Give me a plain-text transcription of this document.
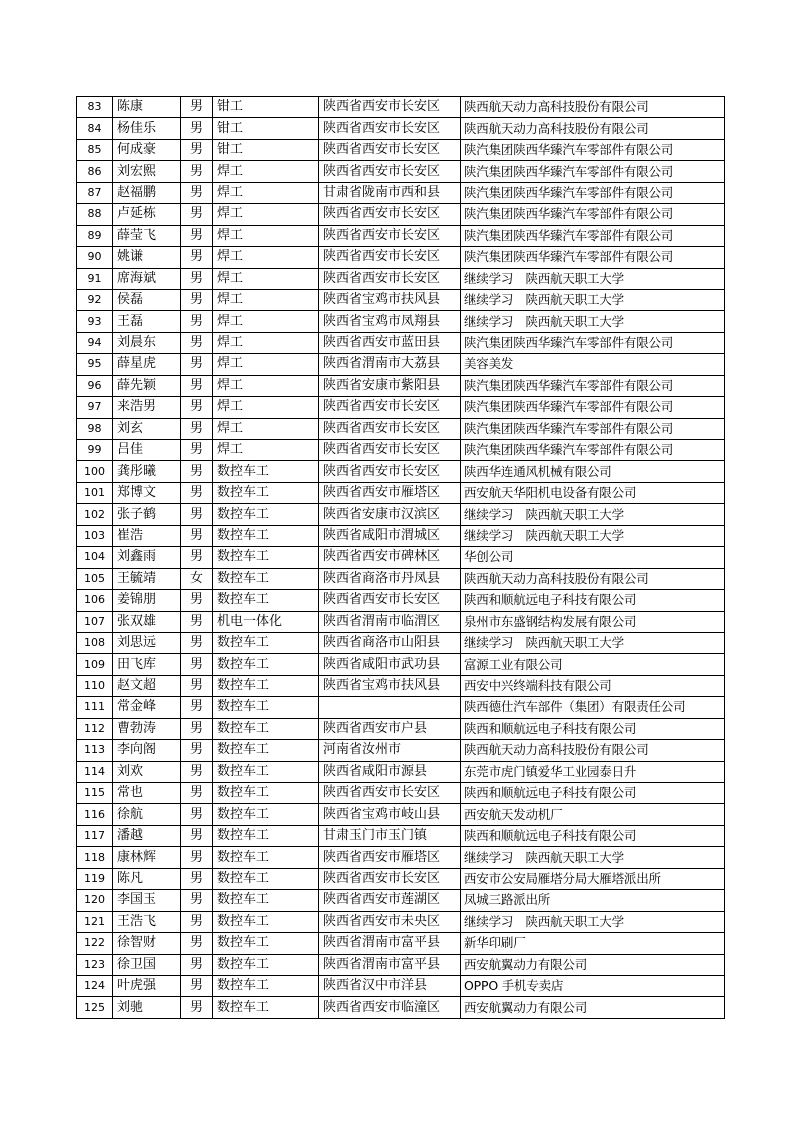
83	陈康	男	钳工	陕西省西安市长安区	陕西航天动力高科技股份有限公司
84	杨佳乐	男	钳工	陕西省西安市长安区	陕西航天动力高科技股份有限公司
85	何成豪	男	钳工	陕西省西安市长安区	陕汽集团陕西华臻汽车零部件有限公司
86	刘宏熙	男	焊工	陕西省西安市长安区	陕汽集团陕西华臻汽车零部件有限公司
87	赵福鹏	男	焊工	甘肃省陇南市西和县	陕汽集团陕西华臻汽车零部件有限公司
88	卢延栋	男	焊工	陕西省西安市长安区	陕汽集团陕西华臻汽车零部件有限公司
89	薛莹飞	男	焊工	陕西省西安市长安区	陕汽集团陕西华臻汽车零部件有限公司
90	姚谦	男	焊工	陕西省西安市长安区	陕汽集团陕西华臻汽车零部件有限公司
91	席海斌	男	焊工	陕西省西安市长安区	继续学习　陕西航天职工大学
92	侯磊	男	焊工	陕西省宝鸡市扶风县	继续学习　陕西航天职工大学
93	王磊	男	焊工	陕西省宝鸡市凤翔县	继续学习　陕西航天职工大学
94	刘晨东	男	焊工	陕西省西安市蓝田县	陕汽集团陕西华臻汽车零部件有限公司
95	薛星虎	男	焊工	陕西省渭南市大荔县	美容美发
96	薛先颖	男	焊工	陕西省安康市紫阳县	陕汽集团陕西华臻汽车零部件有限公司
97	来浩男	男	焊工	陕西省西安市长安区	陕汽集团陕西华臻汽车零部件有限公司
98	刘玄	男	焊工	陕西省西安市长安区	陕汽集团陕西华臻汽车零部件有限公司
99	吕佳	男	焊工	陕西省西安市长安区	陕汽集团陕西华臻汽车零部件有限公司
100	龚彤曦	男	数控车工	陕西省西安市长安区	陕西华连通风机械有限公司
101	郑博文	男	数控车工	陕西省西安市雁塔区	西安航天华阳机电设备有限公司
102	张子鹤	男	数控车工	陕西省安康市汉滨区	继续学习　陕西航天职工大学
103	崔浩	男	数控车工	陕西省咸阳市渭城区	继续学习　陕西航天职工大学
104	刘鑫雨	男	数控车工	陕西省西安市碑林区	华创公司
105	王毓靖	女	数控车工	陕西省商洛市丹凤县	陕西航天动力高科技股份有限公司
106	姜锦朋	男	数控车工	陕西省西安市长安区	陕西和顺航远电子科技有限公司
107	张双雄	男	机电一体化	陕西省渭南市临渭区	泉州市东盛钢结构发展有限公司
108	刘思远	男	数控车工	陕西省商洛市山阳县	继续学习　陕西航天职工大学
109	田飞库	男	数控车工	陕西省咸阳市武功县	富源工业有限公司
110	赵文超	男	数控车工	陕西省宝鸡市扶风县	西安中兴终端科技有限公司
111	常金峰	男	数控车工		陕西德仕汽车部件（集团）有限责任公司
112	曹勃涛	男	数控车工	陕西省西安市户县	陕西和顺航远电子科技有限公司
113	李向阁	男	数控车工	河南省汝州市	陕西航天动力高科技股份有限公司
114	刘欢	男	数控车工	陕西省咸阳市源县	东莞市虎门镇爱华工业园泰日升
115	常也	男	数控车工	陕西省西安市长安区	陕西和顺航远电子科技有限公司
116	徐航	男	数控车工	陕西省宝鸡市岐山县	西安航天发动机厂
117	潘越	男	数控车工	甘肃玉门市玉门镇	陕西和顺航远电子科技有限公司
118	康林辉	男	数控车工	陕西省西安市雁塔区	继续学习　陕西航天职工大学
119	陈凡	男	数控车工	陕西省西安市长安区	西安市公安局雁塔分局大雁塔派出所
120	李国玉	男	数控车工	陕西省西安市莲湖区	凤城三路派出所
121	王浩飞	男	数控车工	陕西省西安市未央区	继续学习　陕西航天职工大学
122	徐智财	男	数控车工	陕西省渭南市富平县	新华印刷厂
123	徐卫国	男	数控车工	陕西省渭南市富平县	西安航翼动力有限公司
124	叶虎强	男	数控车工	陕西省汉中市洋县	OPPO 手机专卖店
125	刘驰	男	数控车工	陕西省西安市临潼区	西安航翼动力有限公司
